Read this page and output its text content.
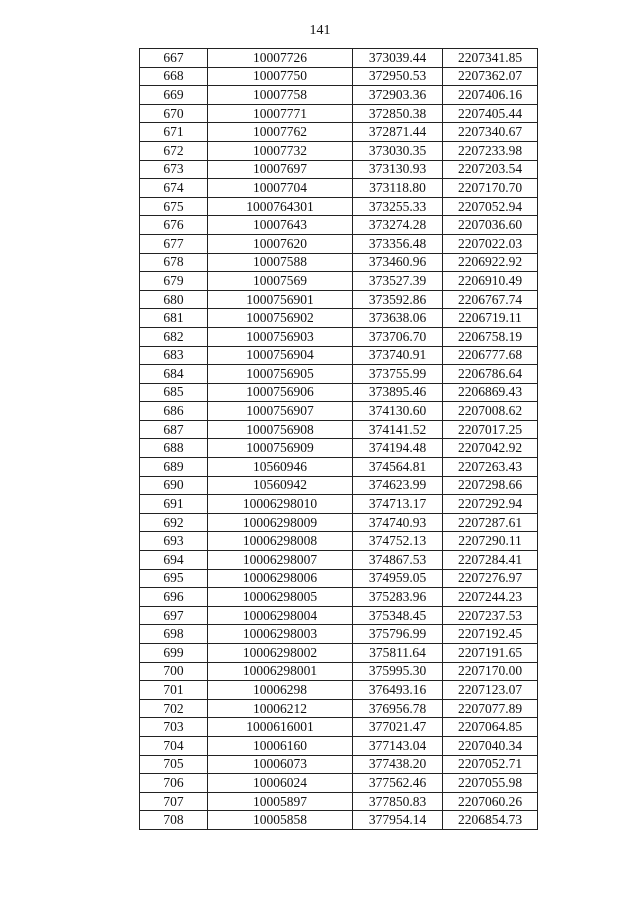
141
667	10007726	373039.44	2207341.85
668	10007750	372950.53	2207362.07
669	10007758	372903.36	2207406.16
670	10007771	372850.38	2207405.44
671	10007762	372871.44	2207340.67
672	10007732	373030.35	2207233.98
673	10007697	373130.93	2207203.54
674	10007704	373118.80	2207170.70
675	1000764301	373255.33	2207052.94
676	10007643	373274.28	2207036.60
677	10007620	373356.48	2207022.03
678	10007588	373460.96	2206922.92
679	10007569	373527.39	2206910.49
680	1000756901	373592.86	2206767.74
681	1000756902	373638.06	2206719.11
682	1000756903	373706.70	2206758.19
683	1000756904	373740.91	2206777.68
684	1000756905	373755.99	2206786.64
685	1000756906	373895.46	2206869.43
686	1000756907	374130.60	2207008.62
687	1000756908	374141.52	2207017.25
688	1000756909	374194.48	2207042.92
689	10560946	374564.81	2207263.43
690	10560942	374623.99	2207298.66
691	10006298010	374713.17	2207292.94
692	10006298009	374740.93	2207287.61
693	10006298008	374752.13	2207290.11
694	10006298007	374867.53	2207284.41
695	10006298006	374959.05	2207276.97
696	10006298005	375283.96	2207244.23
697	10006298004	375348.45	2207237.53
698	10006298003	375796.99	2207192.45
699	10006298002	375811.64	2207191.65
700	10006298001	375995.30	2207170.00
701	10006298	376493.16	2207123.07
702	10006212	376956.78	2207077.89
703	1000616001	377021.47	2207064.85
704	10006160	377143.04	2207040.34
705	10006073	377438.20	2207052.71
706	10006024	377562.46	2207055.98
707	10005897	377850.83	2207060.26
708	10005858	377954.14	2206854.73
